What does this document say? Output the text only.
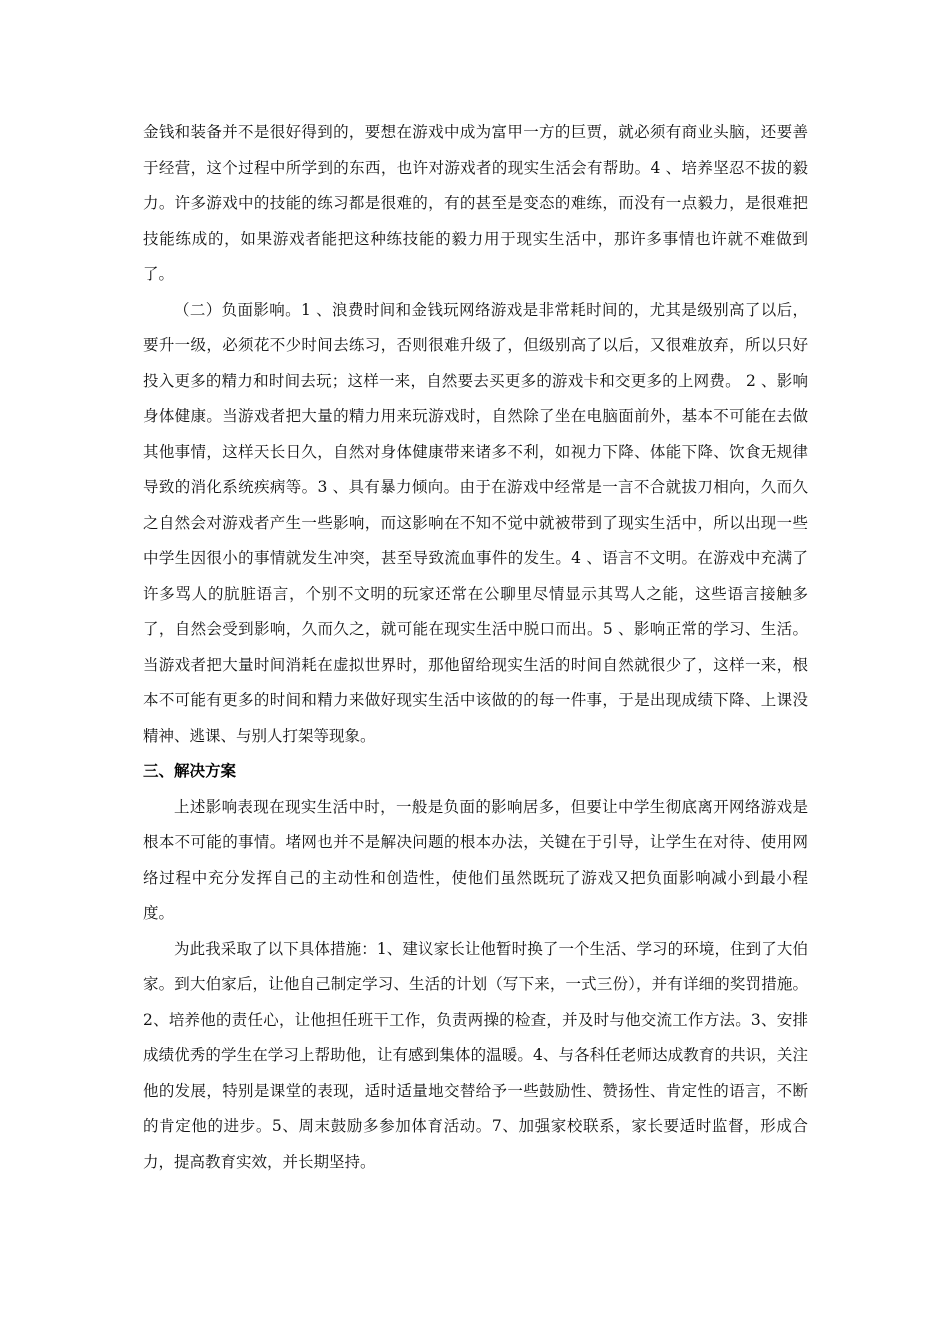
金钱和装备并不是很好得到的，要想在游戏中成为富甲一方的巨贾，就必须有商业头脑，还要善于经营，这个过程中所学到的东西，也许对游戏者的现实生活会有帮助。4 、培养坚忍不拔的毅力。许多游戏中的技能的练习都是很难的，有的甚至是变态的难练，而没有一点毅力，是很难把技能练成的，如果游戏者能把这种练技能的毅力用于现实生活中，那许多事情也许就不难做到了。

（二）负面影响。1 、浪费时间和金钱玩网络游戏是非常耗时间的，尤其是级别高了以后，要升一级，必须花不少时间去练习，否则很难升级了，但级别高了以后，又很难放弃，所以只好投入更多的精力和时间去玩；这样一来，自然要去买更多的游戏卡和交更多的上网费。 2 、影响身体健康。当游戏者把大量的精力用来玩游戏时，自然除了坐在电脑面前外，基本不可能在去做其他事情，这样天长日久，自然对身体健康带来诸多不利，如视力下降、体能下降、饮食无规律导致的消化系统疾病等。3 、具有暴力倾向。由于在游戏中经常是一言不合就拔刀相向，久而久之自然会对游戏者产生一些影响，而这影响在不知不觉中就被带到了现实生活中，所以出现一些中学生因很小的事情就发生冲突，甚至导致流血事件的发生。4 、语言不文明。在游戏中充满了许多骂人的肮脏语言，个别不文明的玩家还常在公聊里尽情显示其骂人之能，这些语言接触多了，自然会受到影响，久而久之，就可能在现实生活中脱口而出。5 、影响正常的学习、生活。当游戏者把大量时间消耗在虚拟世界时，那他留给现实生活的时间自然就很少了，这样一来，根本不可能有更多的时间和精力来做好现实生活中该做的的每一件事，于是出现成绩下降、上课没精神、逃课、与别人打架等现象。

三、解决方案

上述影响表现在现实生活中时，一般是负面的影响居多，但要让中学生彻底离开网络游戏是根本不可能的事情。堵网也并不是解决问题的根本办法，关键在于引导，让学生在对待、使用网络过程中充分发挥自己的主动性和创造性，使他们虽然既玩了游戏又把负面影响减小到最小程度。

为此我采取了以下具体措施：1、建议家长让他暂时换了一个生活、学习的环境，住到了大伯家。到大伯家后，让他自己制定学习、生活的计划（写下来，一式三份），并有详细的奖罚措施。2、培养他的责任心，让他担任班干工作，负责两操的检查，并及时与他交流工作方法。3、安排成绩优秀的学生在学习上帮助他，让有感到集体的温暖。4、与各科任老师达成教育的共识，关注他的发展，特别是课堂的表现，适时适量地交替给予一些鼓励性、赞扬性、肯定性的语言，不断的肯定他的进步。5、周末鼓励多参加体育活动。7、加强家校联系，家长要适时监督，形成合力，提高教育实效，并长期坚持。
